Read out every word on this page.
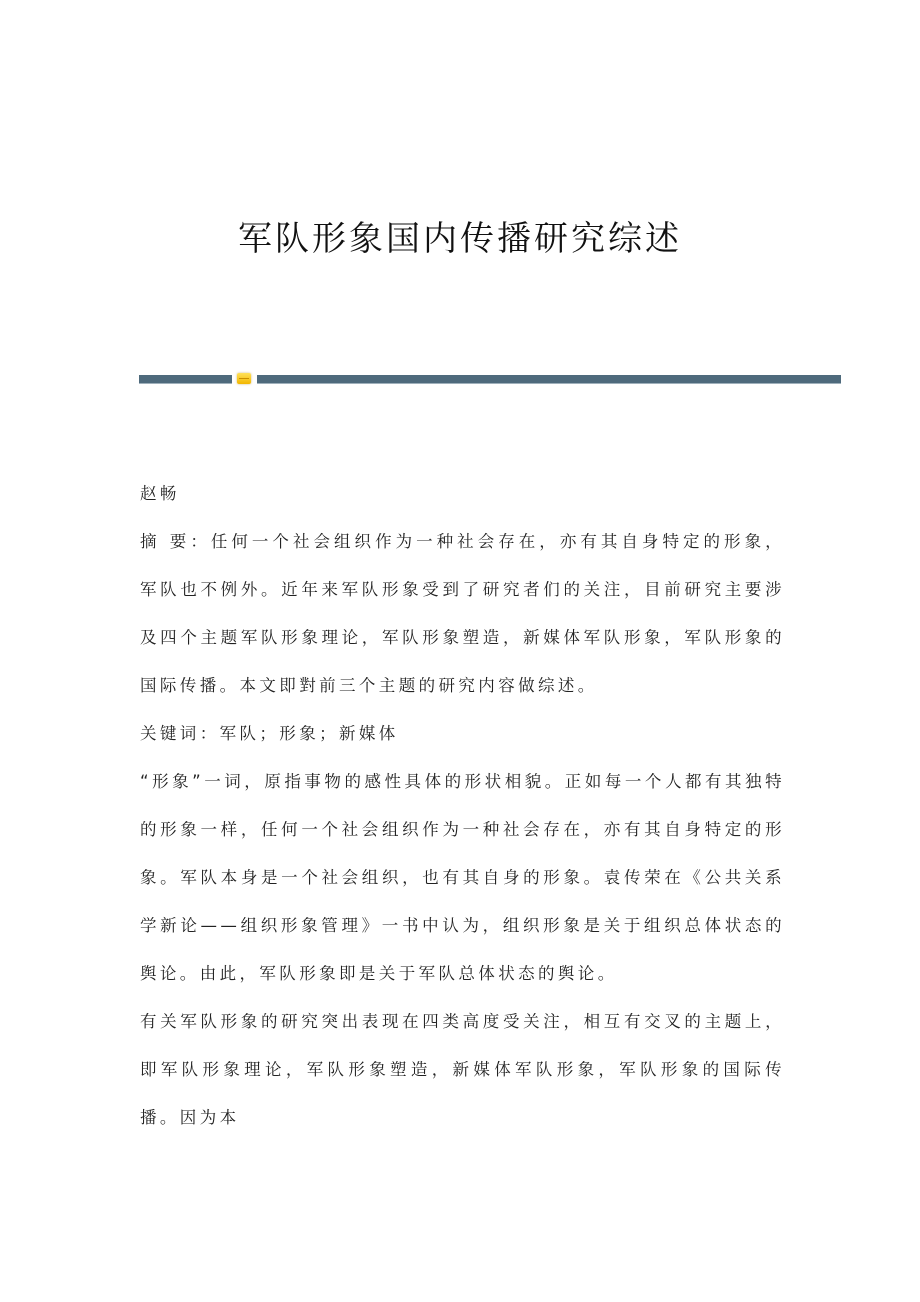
军队形象国内传播研究综述

赵畅

摘 要：任何一个社会组织作为一种社会存在，亦有其自身特定的形象，军队也不例外。近年来军队形象受到了研究者们的关注，目前研究主要涉及四个主题军队形象理论，军队形象塑造，新媒体军队形象，军队形象的国际传播。本文即對前三个主题的研究内容做综述。

关键词：军队；形象；新媒体

“形象”一词，原指事物的感性具体的形状相貌。正如每一个人都有其独特的形象一样，任何一个社会组织作为一种社会存在，亦有其自身特定的形象。军队本身是一个社会组织，也有其自身的形象。袁传荣在《公共关系学新论——组织形象管理》一书中认为，组织形象是关于组织总体状态的舆论。由此，军队形象即是关于军队总体状态的舆论。

有关军队形象的研究突出表现在四类高度受关注，相互有交叉的主题上，即军队形象理论，军队形象塑造，新媒体军队形象，军队形象的国际传播。因为本
